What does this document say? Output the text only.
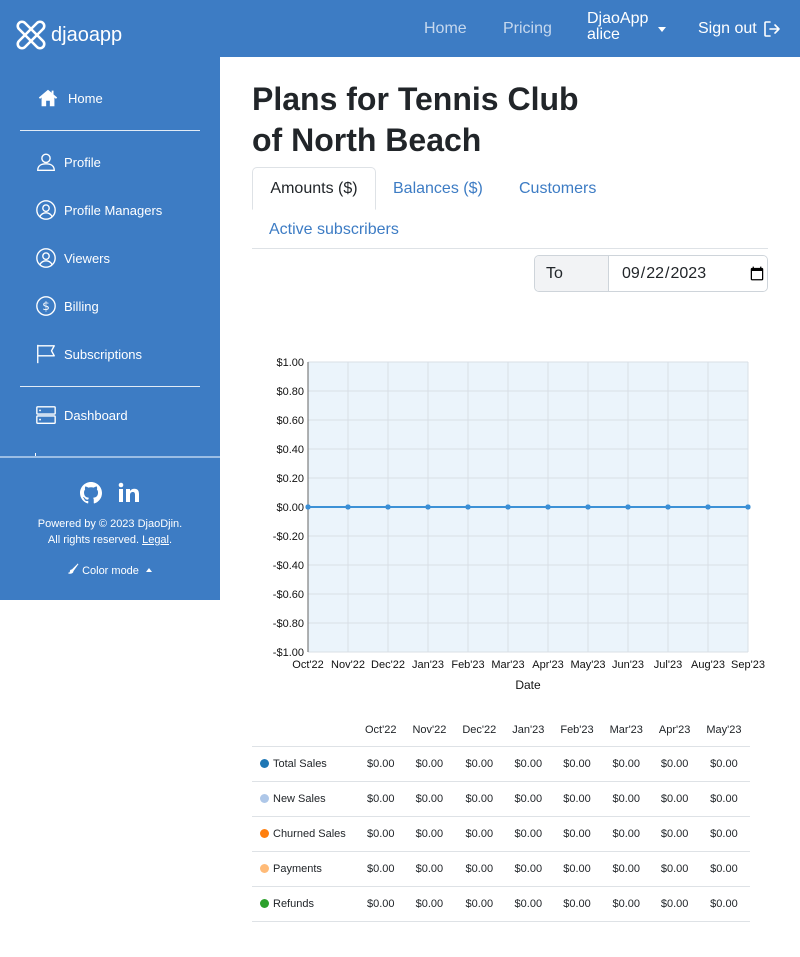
djaoapp	Home Pricing
DjaoApp
alice	Sign out
Home
Profile
Profile Managers
Viewers
$ Billing
Subscriptions
Dashboard
Powered by © 2023 DjaoDjin.
All rights reserved. Legal.
Color mode
Plans for Tennis Club of North Beach
Amounts ($)	Balances ($) Customers
Active subscribers
To
2023-09-22
$1.00
$0.80
$0.60
$0.40
$0.20
$0.00
-$0.20
-$0.40
-$0.60
-$0.80
-$1.00
Oct'22 Nov'22 Dec'22 Jan'23 Feb'23 Mar'23 Apr'23 May'23 Jun'23 Jul'23 Aug'23 Sep'23
Date
	Oct'22	Nov'22	Dec'22	Jan'23	Feb'23	Mar'23	Apr'23	May'23
Total Sales	$0.00	$0.00	$0.00	$0.00	$0.00	$0.00	$0.00	$0.00
New Sales	$0.00	$0.00	$0.00	$0.00	$0.00	$0.00	$0.00	$0.00
Churned Sales	$0.00	$0.00	$0.00	$0.00	$0.00	$0.00	$0.00	$0.00
Payments	$0.00	$0.00	$0.00	$0.00	$0.00	$0.00	$0.00	$0.00
Refunds	$0.00	$0.00	$0.00	$0.00	$0.00	$0.00	$0.00	$0.00
